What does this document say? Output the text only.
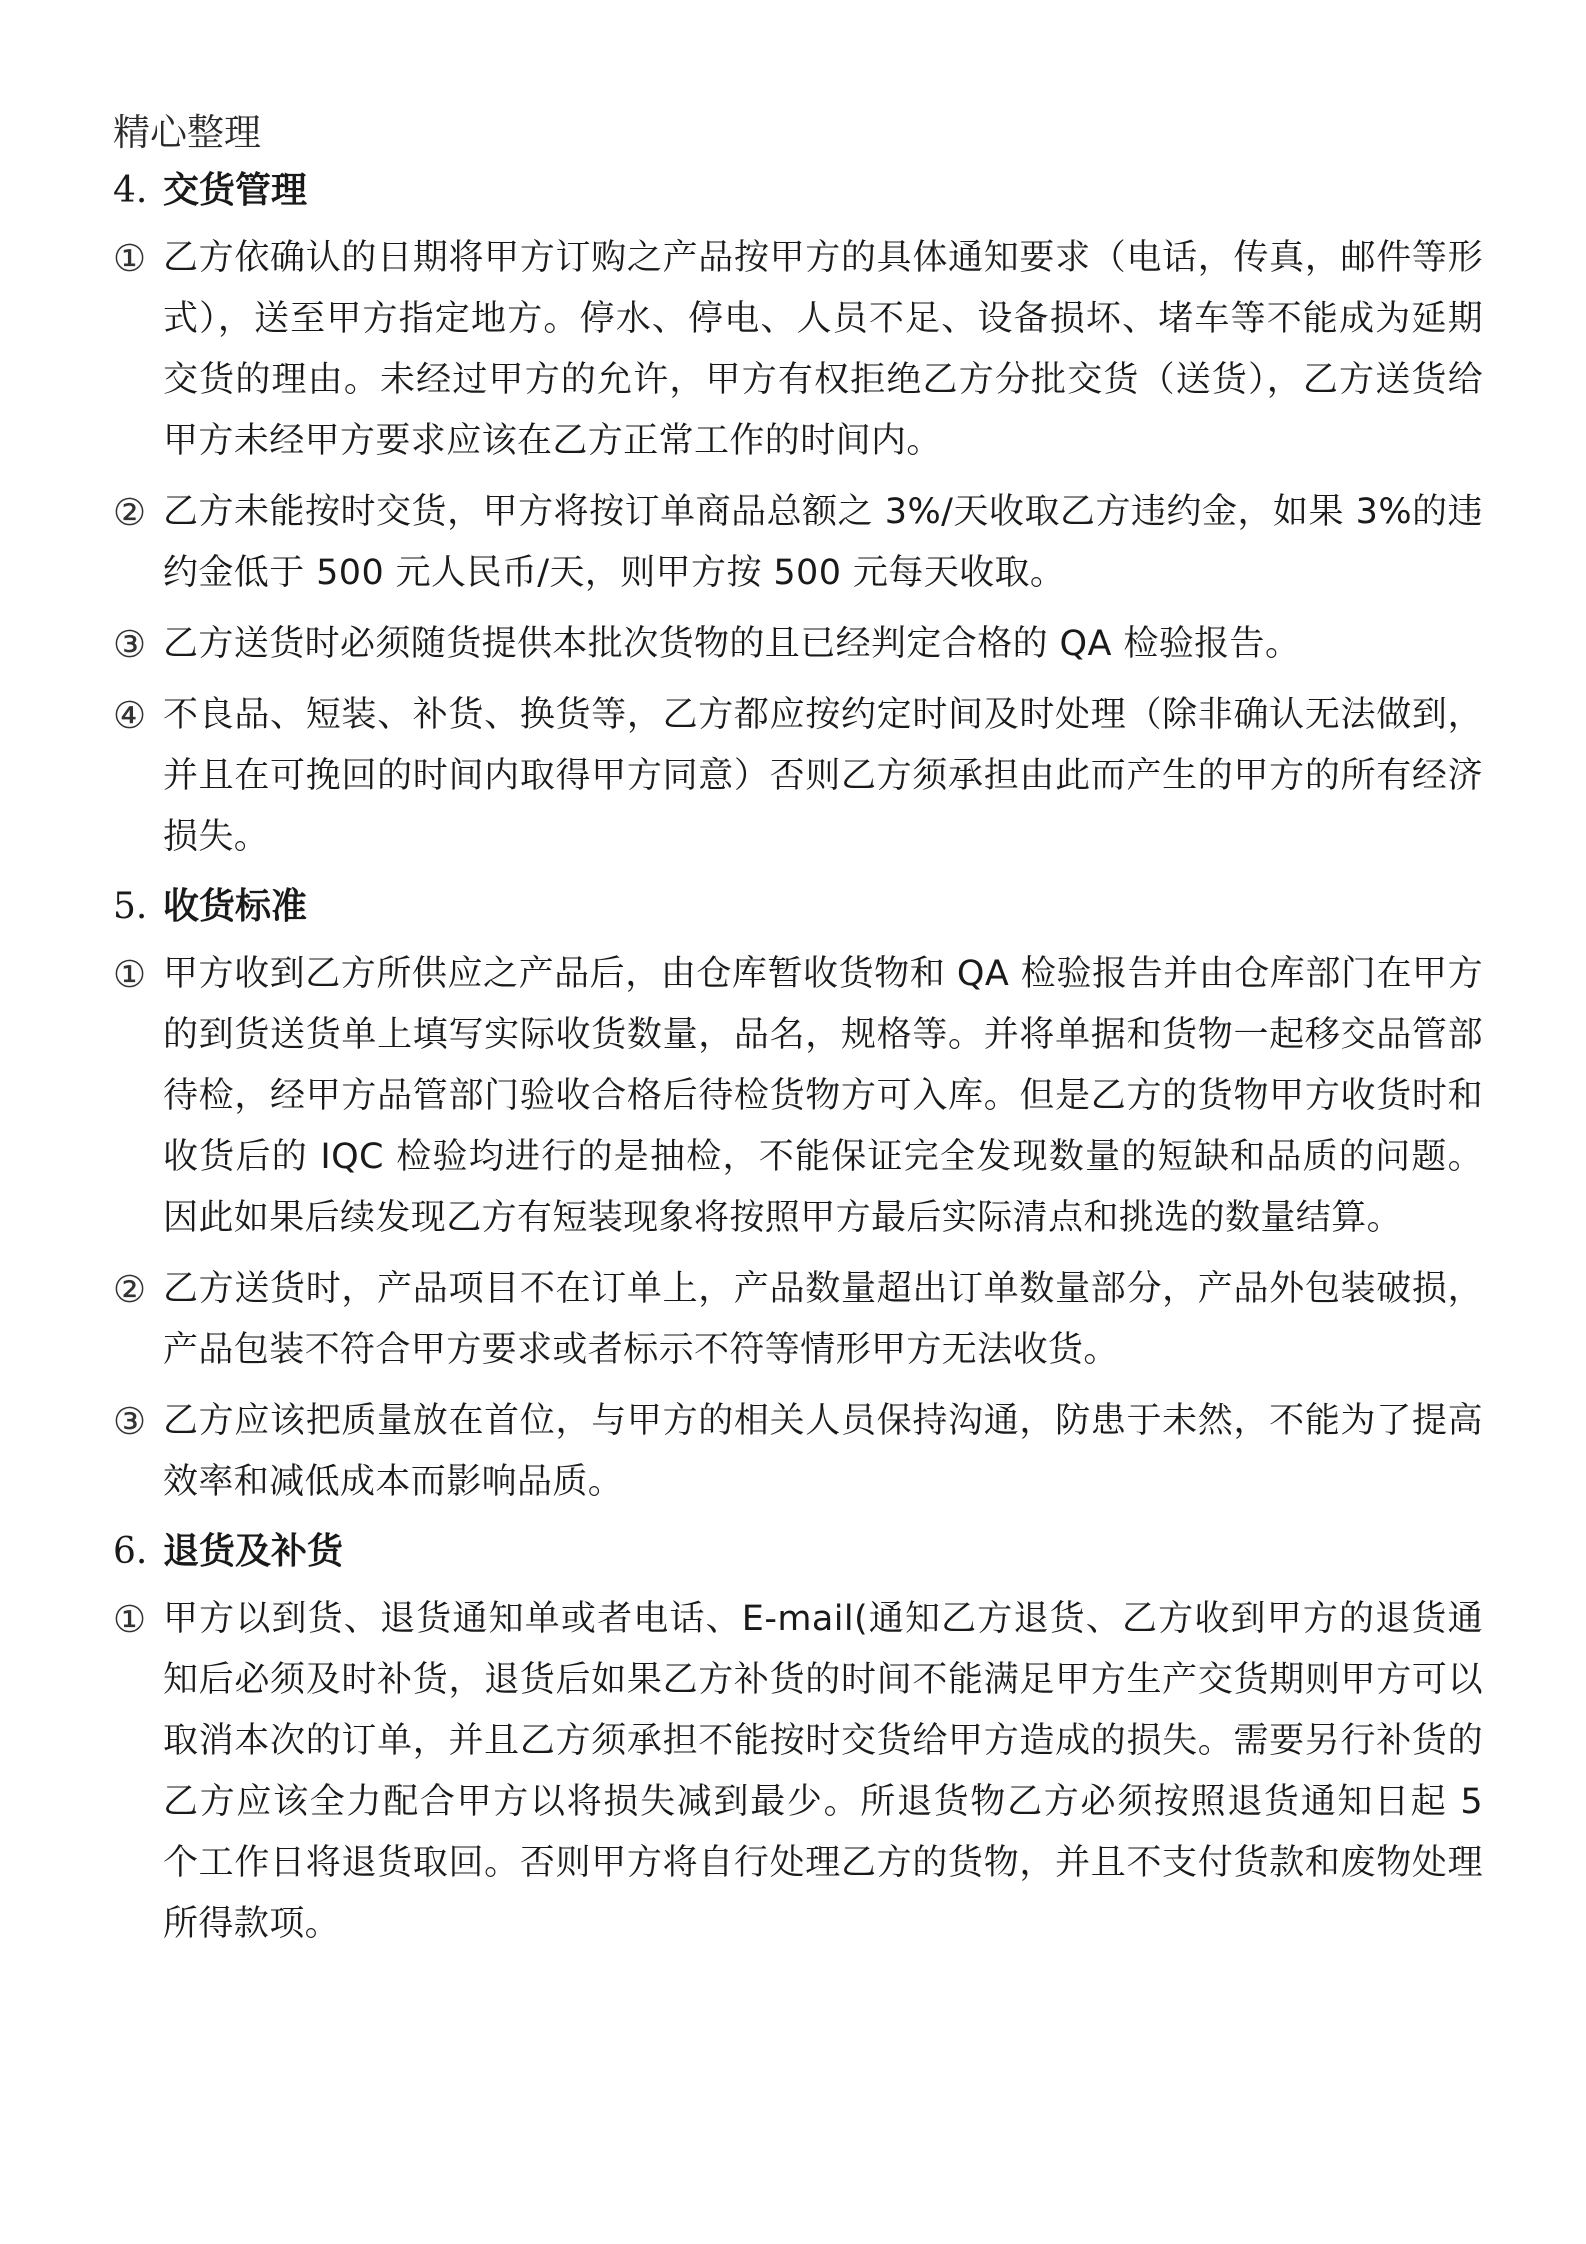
精心整理
4. 交货管理
① 乙方依确认的日期将甲方订购之产品按甲方的具体通知要求（电话，传真，邮件等形式），送至甲方指定地方。停水、停电、人员不足、设备损坏、堵车等不能成为延期交货的理由。未经过甲方的允许，甲方有权拒绝乙方分批交货（送货），乙方送货给甲方未经甲方要求应该在乙方正常工作的时间内。
② 乙方未能按时交货，甲方将按订单商品总额之 3%/天收取乙方违约金，如果 3%的违约金低于 500 元人民币/天，则甲方按 500 元每天收取。
③ 乙方送货时必须随货提供本批次货物的且已经判定合格的 QA 检验报告。
④ 不良品、短装、补货、换货等，乙方都应按约定时间及时处理（除非确认无法做到，并且在可挽回的时间内取得甲方同意）否则乙方须承担由此而产生的甲方的所有经济损失。
5. 收货标准
① 甲方收到乙方所供应之产品后，由仓库暂收货物和 QA 检验报告并由仓库部门在甲方的到货送货单上填写实际收货数量，品名，规格等。并将单据和货物一起移交品管部待检，经甲方品管部门验收合格后待检货物方可入库。但是乙方的货物甲方收货时和收货后的 IQC 检验均进行的是抽检，不能保证完全发现数量的短缺和品质的问题。因此如果后续发现乙方有短装现象将按照甲方最后实际清点和挑选的数量结算。
② 乙方送货时，产品项目不在订单上，产品数量超出订单数量部分，产品外包装破损，产品包装不符合甲方要求或者标示不符等情形甲方无法收货。
③ 乙方应该把质量放在首位，与甲方的相关人员保持沟通，防患于未然，不能为了提高效率和减低成本而影响品质。
6. 退货及补货
① 甲方以到货、退货通知单或者电话、E-mail(通知乙方退货、乙方收到甲方的退货通知后必须及时补货，退货后如果乙方补货的时间不能满足甲方生产交货期则甲方可以取消本次的订单，并且乙方须承担不能按时交货给甲方造成的损失。需要另行补货的乙方应该全力配合甲方以将损失减到最少。所退货物乙方必须按照退货通知日起 5 个工作日将退货取回。否则甲方将自行处理乙方的货物，并且不支付货款和废物处理所得款项。
